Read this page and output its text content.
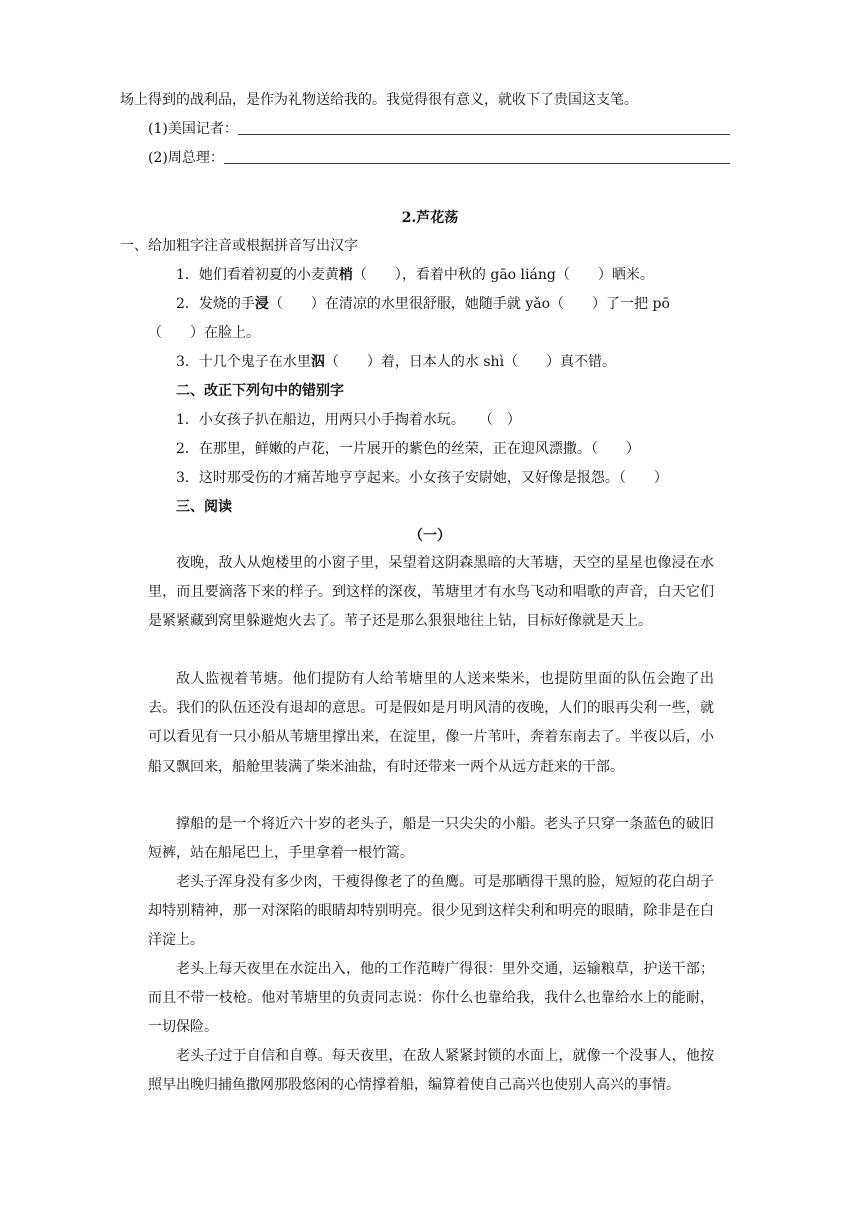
场上得到的战利品，是作为礼物送给我的。我觉得很有意义，就收下了贵国这支笔。
(1)美国记者：
(2)周总理：
2.芦花荡
一、给加粗字注音或根据拼音写出汉字
1．她们看着初夏的小麦黄梢（　　），看着中秋的 gāo liáng（　　）晒米。
2．发烧的手浸（　　）在清凉的水里很舒服，她随手就 yǎo（　　）了一把 pō
（　　）在脸上。
3．十几个鬼子在水里泅（　　）着，日本人的水 shì（　　）真不错。
二、改正下列句中的错别字
1．小女孩子扒在船边，用两只小手掏着水玩。　　（　）
2．在那里，鲜嫩的卢花，一片展开的紫色的丝荣，正在迎风漂撒。（　　）
3．这时那受伤的才痛苦地亨亨起来。小女孩子安尉她，又好像是报怨。（　　）
三、阅读
（一）
夜晚，敌人从炮楼里的小窗子里，呆望着这阴森黑暗的大苇塘，天空的星星也像浸在水里，而且要滴落下来的样子。到这样的深夜，苇塘里才有水鸟飞动和唱歌的声音，白天它们是紧紧藏到窝里躲避炮火去了。苇子还是那么狠狠地往上钻，目标好像就是天上。
敌人监视着苇塘。他们提防有人给苇塘里的人送来柴米，也提防里面的队伍会跑了出去。我们的队伍还没有退却的意思。可是假如是月明风清的夜晚，人们的眼再尖利一些，就可以看见有一只小船从苇塘里撑出来，在淀里，像一片苇叶，奔着东南去了。半夜以后，小船又飘回来，船舱里装满了柴米油盐，有时还带来一两个从远方赶来的干部。
撑船的是一个将近六十岁的老头子，船是一只尖尖的小船。老头子只穿一条蓝色的破旧短裤，站在船尾巴上，手里拿着一根竹篙。
老头子浑身没有多少肉，干瘦得像老了的鱼鹰。可是那晒得干黑的脸，短短的花白胡子却特别精神，那一对深陷的眼睛却特别明亮。很少见到这样尖利和明亮的眼睛，除非是在白洋淀上。
老头上每天夜里在水淀出入，他的工作范畴广得很：里外交通，运输粮草，护送干部；而且不带一枝枪。他对苇塘里的负责同志说：你什么也靠给我，我什么也靠给水上的能耐，一切保险。
老头子过于自信和自尊。每天夜里，在敌人紧紧封锁的水面上，就像一个没事人，他按照早出晚归捕鱼撒网那股悠闲的心情撑着船，编算着使自己高兴也使别人高兴的事情。
